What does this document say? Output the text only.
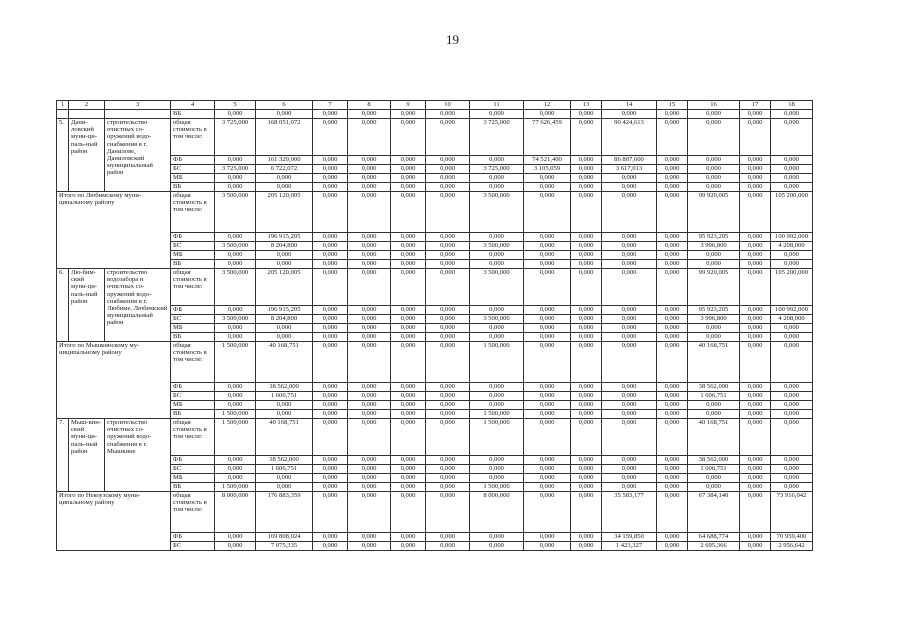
19
1	2	3	4	5	6	7	8	9	10	11	12	13	14	15	16	17	18
			ВБ	0,000	0,000	0,000	0,000	0,000	0,000	0,000	0,000	0,000	0,000	0,000	0,000	0,000	0,000
5.	Дани-ловский муни-ци-паль-ный район	строительство очистных со-оружений водо-снабжения в г. Данилове, Даниловский муниципальный район	общая стоимость в том числе:	3 725,000	168 051,072	0,000	0,000	0,000	0,000	3 725,000	77 626,459	0,000	90 424,613	0,000	0,000	0,000	0,000
			ФБ	0,000	161 329,000	0,000	0,000	0,000	0,000	0,000	74 521,400	0,000	86 807,600	0,000	0,000	0,000	0,000
			БС	3 725,000	6 722,072	0,000	0,000	0,000	0,000	3 725,000	3 105,059	0,000	3 617,013	0,000	0,000	0,000	0,000
			МБ	0,000	0,000	0,000	0,000	0,000	0,000	0,000	0,000	0,000	0,000	0,000	0,000	0,000	0,000
			ВБ	0,000	0,000	0,000	0,000	0,000	0,000	0,000	0,000	0,000	0,000	0,000	0,000	0,000	0,000
Итого по Любимскому муни-ципальному району			общая стоимость в том числе:	3 500,000	205 120,005	0,000	0,000	0,000	0,000	3 500,000	0,000	0,000	0,000	0,000	99 920,005	0,000	105 200,000
			ФБ	0,000	196 915,205	0,000	0,000	0,000	0,000	0,000	0,000	0,000	0,000	0,000	95 923,205	0,000	100 992,000
			БС	3 500,000	8 204,800	0,000	0,000	0,000	0,000	3 500,000	0,000	0,000	0,000	0,000	3 996,800	0,000	4 208,000
			МБ	0,000	0,000	0,000	0,000	0,000	0,000	0,000	0,000	0,000	0,000	0,000	0,000	0,000	0,000
			ВБ	0,000	0,000	0,000	0,000	0,000	0,000	0,000	0,000	0,000	0,000	0,000	0,000	0,000	0,000
6.	Лю-бим-ский муни-ци-паль-ный район	строительство водозабора и очистных со-оружений водо-снабжения в г. Любиме, Любимский муниципальный район	общая стоимость в том числе:	3 500,000	205 120,005	0,000	0,000	0,000	0,000	3 500,000	0,000	0,000	0,000	0,000	99 920,005	0,000	105 200,000
			ФБ	0,000	196 915,205	0,000	0,000	0,000	0,000	0,000	0,000	0,000	0,000	0,000	95 923,205	0,000	100 992,000
			БС	3 500,000	8 204,800	0,000	0,000	0,000	0,000	3 500,000	0,000	0,000	0,000	0,000	3 996,800	0,000	4 208,000
			МБ	0,000	0,000	0,000	0,000	0,000	0,000	0,000	0,000	0,000	0,000	0,000	0,000	0,000	0,000
			ВБ	0,000	0,000	0,000	0,000	0,000	0,000	0,000	0,000	0,000	0,000	0,000	0,000	0,000	0,000
Итого по Мышкинскому му-ниципальному району			общая стоимость в том числе:	1 500,000	40 168,751	0,000	0,000	0,000	0,000	1 500,000	0,000	0,000	0,000	0,000	40 168,751	0,000	0,000
			ФБ	0,000	38 562,000	0,000	0,000	0,000	0,000	0,000	0,000	0,000	0,000	0,000	38 562,000	0,000	0,000
			БС	0,000	1 606,751	0,000	0,000	0,000	0,000	0,000	0,000	0,000	0,000	0,000	1 606,751	0,000	0,000
			МБ	0,000	0,000	0,000	0,000	0,000	0,000	0,000	0,000	0,000	0,000	0,000	0,000	0,000	0,000
			ВБ	1 500,000	0,000	0,000	0,000	0,000	0,000	1 500,000	0,000	0,000	0,000	0,000	0,000	0,000	0,000
7.	Мыш-кин-ский муни-ци-паль-ный район	строительство очистных со-оружений водо-снабжения в г. Мышкине	общая стоимость в том числе:	1 500,000	40 168,751	0,000	0,000	0,000	0,000	1 500,000	0,000	0,000	0,000	0,000	40 168,751	0,000	0,000
			ФБ	0,000	38 562,000	0,000	0,000	0,000	0,000	0,000	0,000	0,000	0,000	0,000	38 562,000	0,000	0,000
			БС	0,000	1 606,751	0,000	0,000	0,000	0,000	0,000	0,000	0,000	0,000	0,000	1 606,751	0,000	0,000
			МБ	0,000	0,000	0,000	0,000	0,000	0,000	0,000	0,000	0,000	0,000	0,000	0,000	0,000	0,000
			ВБ	1 500,000	0,000	0,000	0,000	0,000	0,000	1 500,000	0,000	0,000	0,000	0,000	0,000	0,000	0,000
Итого по Некоузскому муни-ципальному району			общая стоимость в том числе:	8 000,000	176 883,359	0,000	0,000	0,000	0,000	8 000,000	0,000	0,000	35 583,177	0,000	67 384,140	0,000	73 916,042
			ФБ	0,000	169 808,024	0,000	0,000	0,000	0,000	0,000	0,000	0,000	34 159,850	0,000	64 688,774	0,000	70 959,400
			БС	0,000	7 075,335	0,000	0,000	0,000	0,000	0,000	0,000	0,000	1 423,327	0,000	2 695,366	0,000	2 956,642
